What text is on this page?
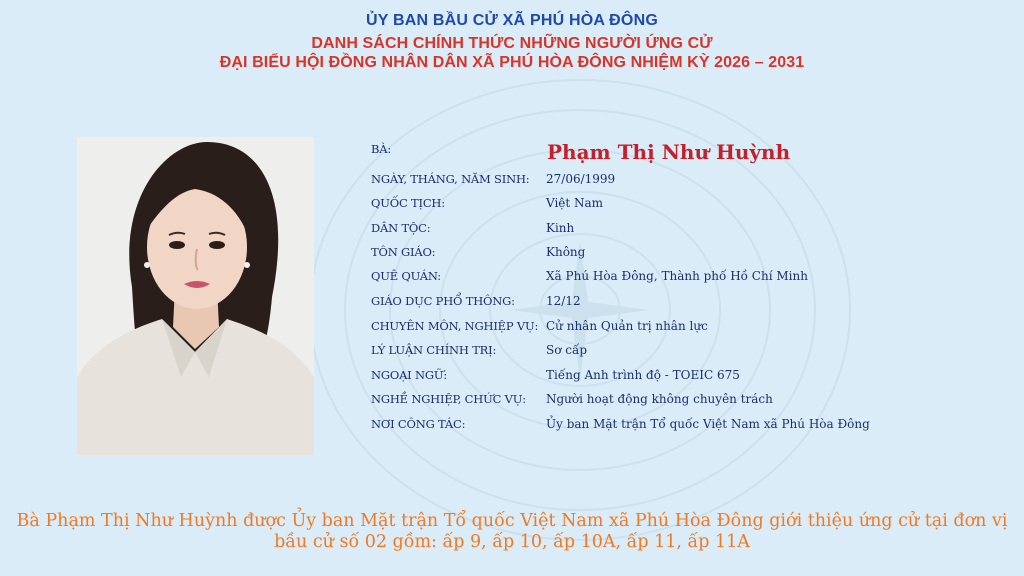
ỦY BAN BẦU CỬ XÃ PHÚ HÒA ĐÔNG
DANH SÁCH CHÍNH THỨC NHỮNG NGƯỜI ỨNG CỬ
ĐẠI BIỂU HỘI ĐỒNG NHÂN DÂN XÃ PHÚ HÒA ĐÔNG NHIỆM KỲ 2026 – 2031
BÀ:	Phạm Thị Như Huỳnh
NGÀY, THÁNG, NĂM SINH: 27/06/1999
QUỐC TỊCH:	Việt Nam
DÂN TỘC:	Kinh
TÔN GIÁO:	Không
QUÊ QUÁN:	Xã Phú Hòa Đông, Thành phố Hồ Chí Minh
GIÁO DỤC PHỔ THÔNG:	12/12
CHUYÊN MÔN, NGHIỆP VỤ: Cử nhân Quản trị nhân lực
LÝ LUẬN CHÍNH TRỊ:	Sơ cấp
NGOẠI NGỮ:	Tiếng Anh trình độ - TOEIC 675
NGHỀ NGHIỆP, CHỨC VỤ: Người hoạt động không chuyên trách
NƠI CÔNG TÁC:	Ủy ban Mặt trận Tổ quốc Việt Nam xã Phú Hòa Đông
Bà Phạm Thị Như Huỳnh được Ủy ban Mặt trận Tổ quốc Việt Nam xã Phú Hòa Đông giới thiệu ứng cử tại đơn vị
bầu cử số 02 gồm: ấp 9, ấp 10, ấp 10A, ấp 11, ấp 11A
